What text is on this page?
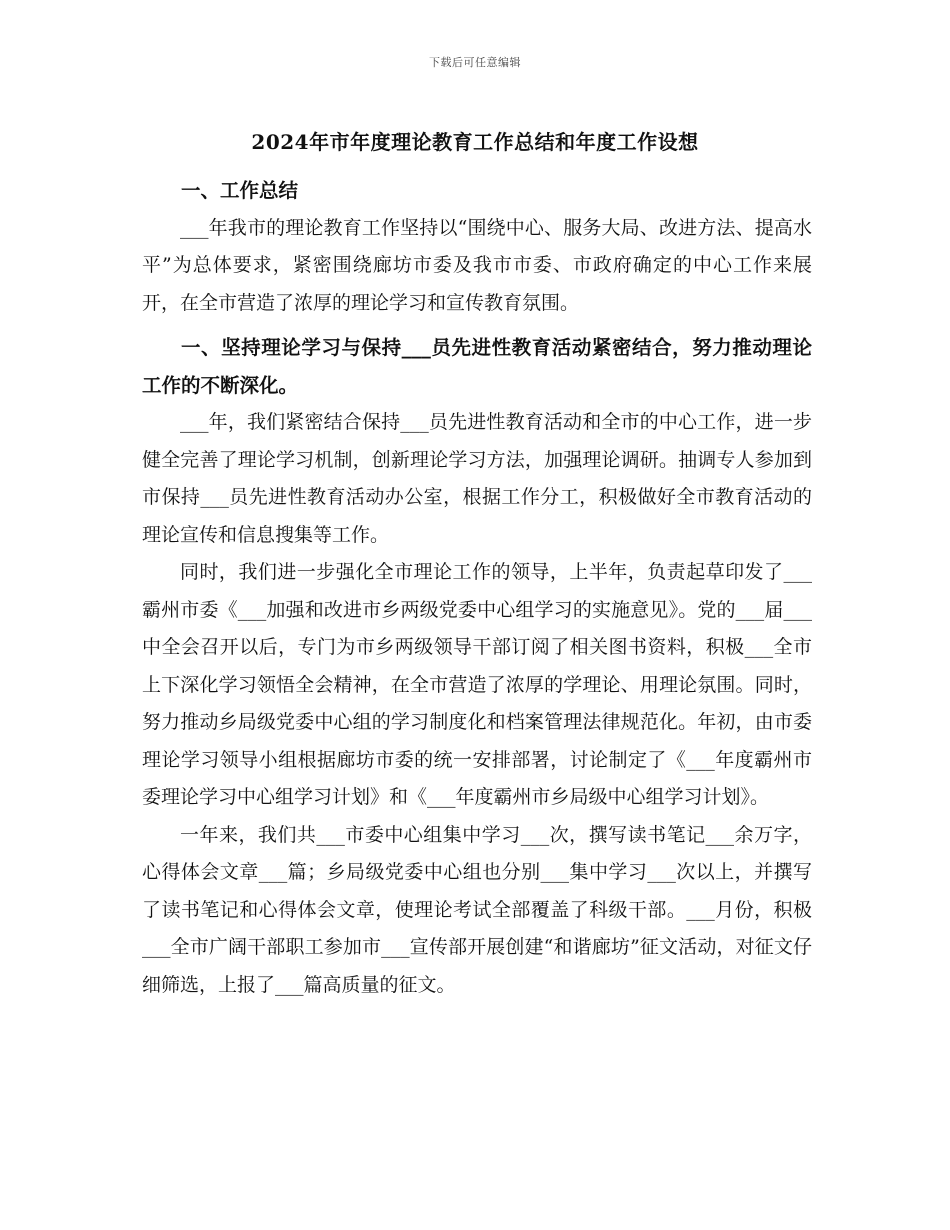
下载后可任意编辑
2024年市年度理论教育工作总结和年度工作设想

一、工作总结

___年我市的理论教育工作坚持以“围绕中心、服务大局、改进方法、提高水平”为总体要求，紧密围绕廊坊市委及我市市委、市政府确定的中心工作来展开，在全市营造了浓厚的理论学习和宣传教育氛围。

一、坚持理论学习与保持___员先进性教育活动紧密结合，努力推动理论工作的不断深化。

___年，我们紧密结合保持___员先进性教育活动和全市的中心工作，进一步健全完善了理论学习机制，创新理论学习方法，加强理论调研。抽调专人参加到市保持___员先进性教育活动办公室，根据工作分工，积极做好全市教育活动的理论宣传和信息搜集等工作。

同时，我们进一步强化全市理论工作的领导，上半年，负责起草印发了___霸州市委《___加强和改进市乡两级党委中心组学习的实施意见》。党的___届___中全会召开以后，专门为市乡两级领导干部订阅了相关图书资料，积极___全市上下深化学习领悟全会精神，在全市营造了浓厚的学理论、用理论氛围。同时，努力推动乡局级党委中心组的学习制度化和档案管理法律规范化。年初，由市委理论学习领导小组根据廊坊市委的统一安排部署，讨论制定了《___年度霸州市委理论学习中心组学习计划》和《___年度霸州市乡局级中心组学习计划》。

一年来，我们共___市委中心组集中学习___次，撰写读书笔记___余万字，心得体会文章___篇；乡局级党委中心组也分别___集中学习___次以上，并撰写了读书笔记和心得体会文章，使理论考试全部覆盖了科级干部。___月份，积极___全市广阔干部职工参加市___宣传部开展创建“和谐廊坊”征文活动，对征文仔细筛选，上报了___篇高质量的征文。
